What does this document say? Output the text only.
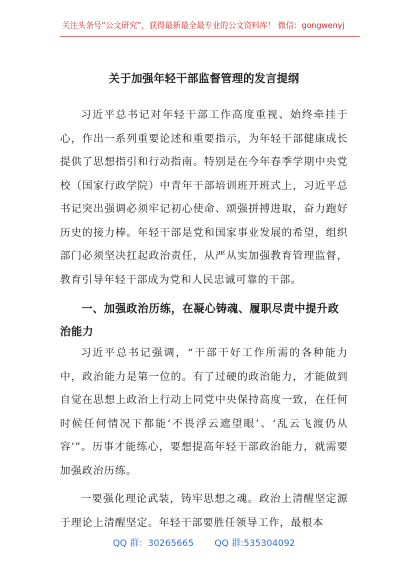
关注头条号“公文研究”，获得最新最全最专业的公文资料库！ 微信：gongwenyj
关于加强年轻干部监督管理的发言提纲
习近平总书记对年轻干部工作高度重视、始终牵挂于心，作出一系列重要论述和重要指示，为年轻干部健康成长提供了思想指引和行动指南。特别是在今年春季学期中央党校（国家行政学院）中青年干部培训班开班式上，习近平总书记突出强调必须牢记初心使命、颂强拼搏进取，奋力跑好历史的接力棒。年轻干部是党和国家事业发展的希望，组织部门必须坚决扛起政治责任，从严从实加强教育管理监督，教育引导年轻干部成为党和人民忠诚可靠的干部。
一、加强政治历练，在凝心铸魂、履职尽责中提升政治能力
习近平总书记强调，“干部干好工作所需的各种能力中，政治能力是第一位的。有了过硬的政治能力，才能做到自觉在思想上政治上行动上同党中央保持高度一致，在任何时候任何情况下都能‘不畏浮云遮望眼’、‘乱云飞渡仍从容’”。历事才能练心，要想提高年轻干部政治能力，就需要加强政治历练。
一要强化理论武装，铸牢思想之魂。政治上清醒坚定源于理论上清醒坚定。年轻干部要胜任领导工作，最根本
QQ 群：30265665 QQ 群:535304092
